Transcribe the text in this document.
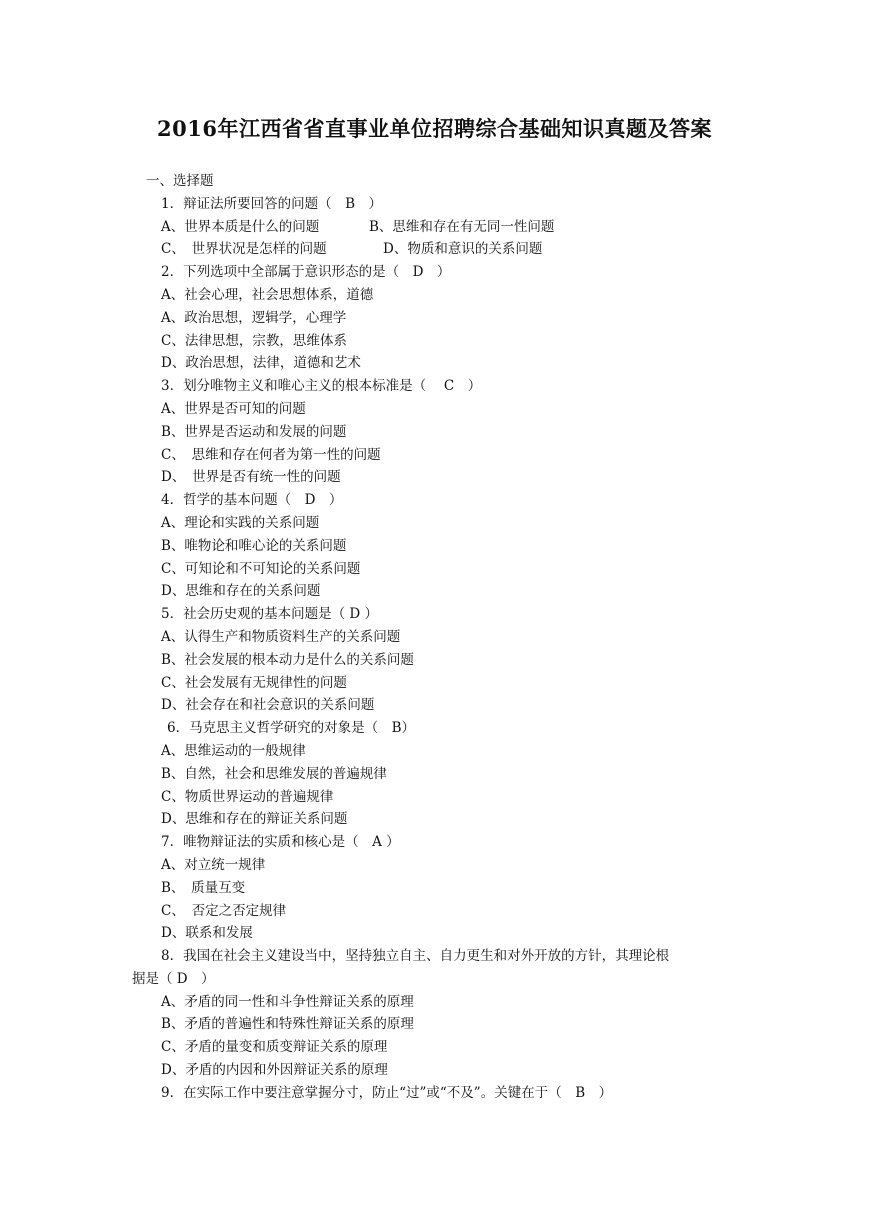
2016年江西省省直事业单位招聘综合基础知识真题及答案
一、选择题
1．辩证法所要回答的问题（　B　）
A、世界本质是什么的问题	B、思维和存在有无同一性问题
C、　世界状况是怎样的问题	D、物质和意识的关系问题
2．下列选项中全部属于意识形态的是（　D　）
A、社会心理，社会思想体系，道德
A、政治思想，逻辑学，心理学
C、法律思想，宗教，思维体系
D、政治思想，法律，道德和艺术
3．划分唯物主义和唯心主义的根本标准是（　 C　）
A、世界是否可知的问题
B、世界是否运动和发展的问题
C、　思维和存在何者为第一性的问题
D、　世界是否有统一性的问题
4．哲学的基本问题（　D　）
A、理论和实践的关系问题
B、唯物论和唯心论的关系问题
C、可知论和不可知论的关系问题
D、思维和存在的关系问题
5．社会历史观的基本问题是（ D ）
A、认得生产和物质资料生产的关系问题
B、社会发展的根本动力是什么的关系问题
C、社会发展有无规律性的问题
D、社会存在和社会意识的关系问题
6．马克思主义哲学研究的对象是（　B）
A、思维运动的一般规律
B、自然，社会和思维发展的普遍规律
C、物质世界运动的普遍规律
D、思维和存在的辩证关系问题
7．唯物辩证法的实质和核心是（　A ）
A、对立统一规律
B、　质量互变
C、　否定之否定规律
D、联系和发展
8．我国在社会主义建设当中，坚持独立自主、自力更生和对外开放的方针，其理论根
据是（ D　）
A、矛盾的同一性和斗争性辩证关系的原理
B、矛盾的普遍性和特殊性辩证关系的原理
C、矛盾的量变和质变辩证关系的原理
D、矛盾的内因和外因辩证关系的原理
9．在实际工作中要注意掌握分寸，防止“过”或“不及”。关键在于（　B　）
